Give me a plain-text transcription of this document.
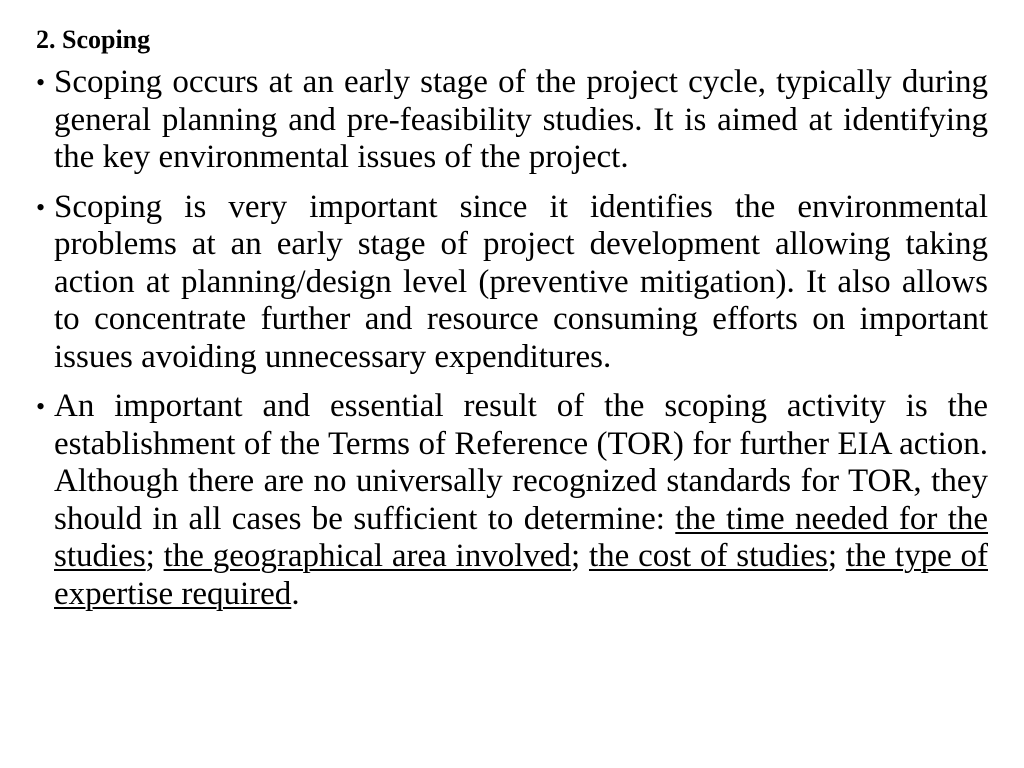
2. Scoping
• Scoping occurs at an early stage of the project cycle, typically during general planning and pre-feasibility studies. It is aimed at identifying the key environmental issues of the project.
• Scoping is very important since it identifies the environmental problems at an early stage of project development allowing taking action at planning/design level (preventive mitigation). It also allows to concentrate further and resource consuming efforts on important issues avoiding unnecessary expenditures.
• An important and essential result of the scoping activity is the establishment of the Terms of Reference (TOR) for further EIA action. Although there are no universally recognized standards for TOR, they should in all cases be sufficient to determine: the time needed for the studies; the geographical area involved; the cost of studies; the type of expertise required.
